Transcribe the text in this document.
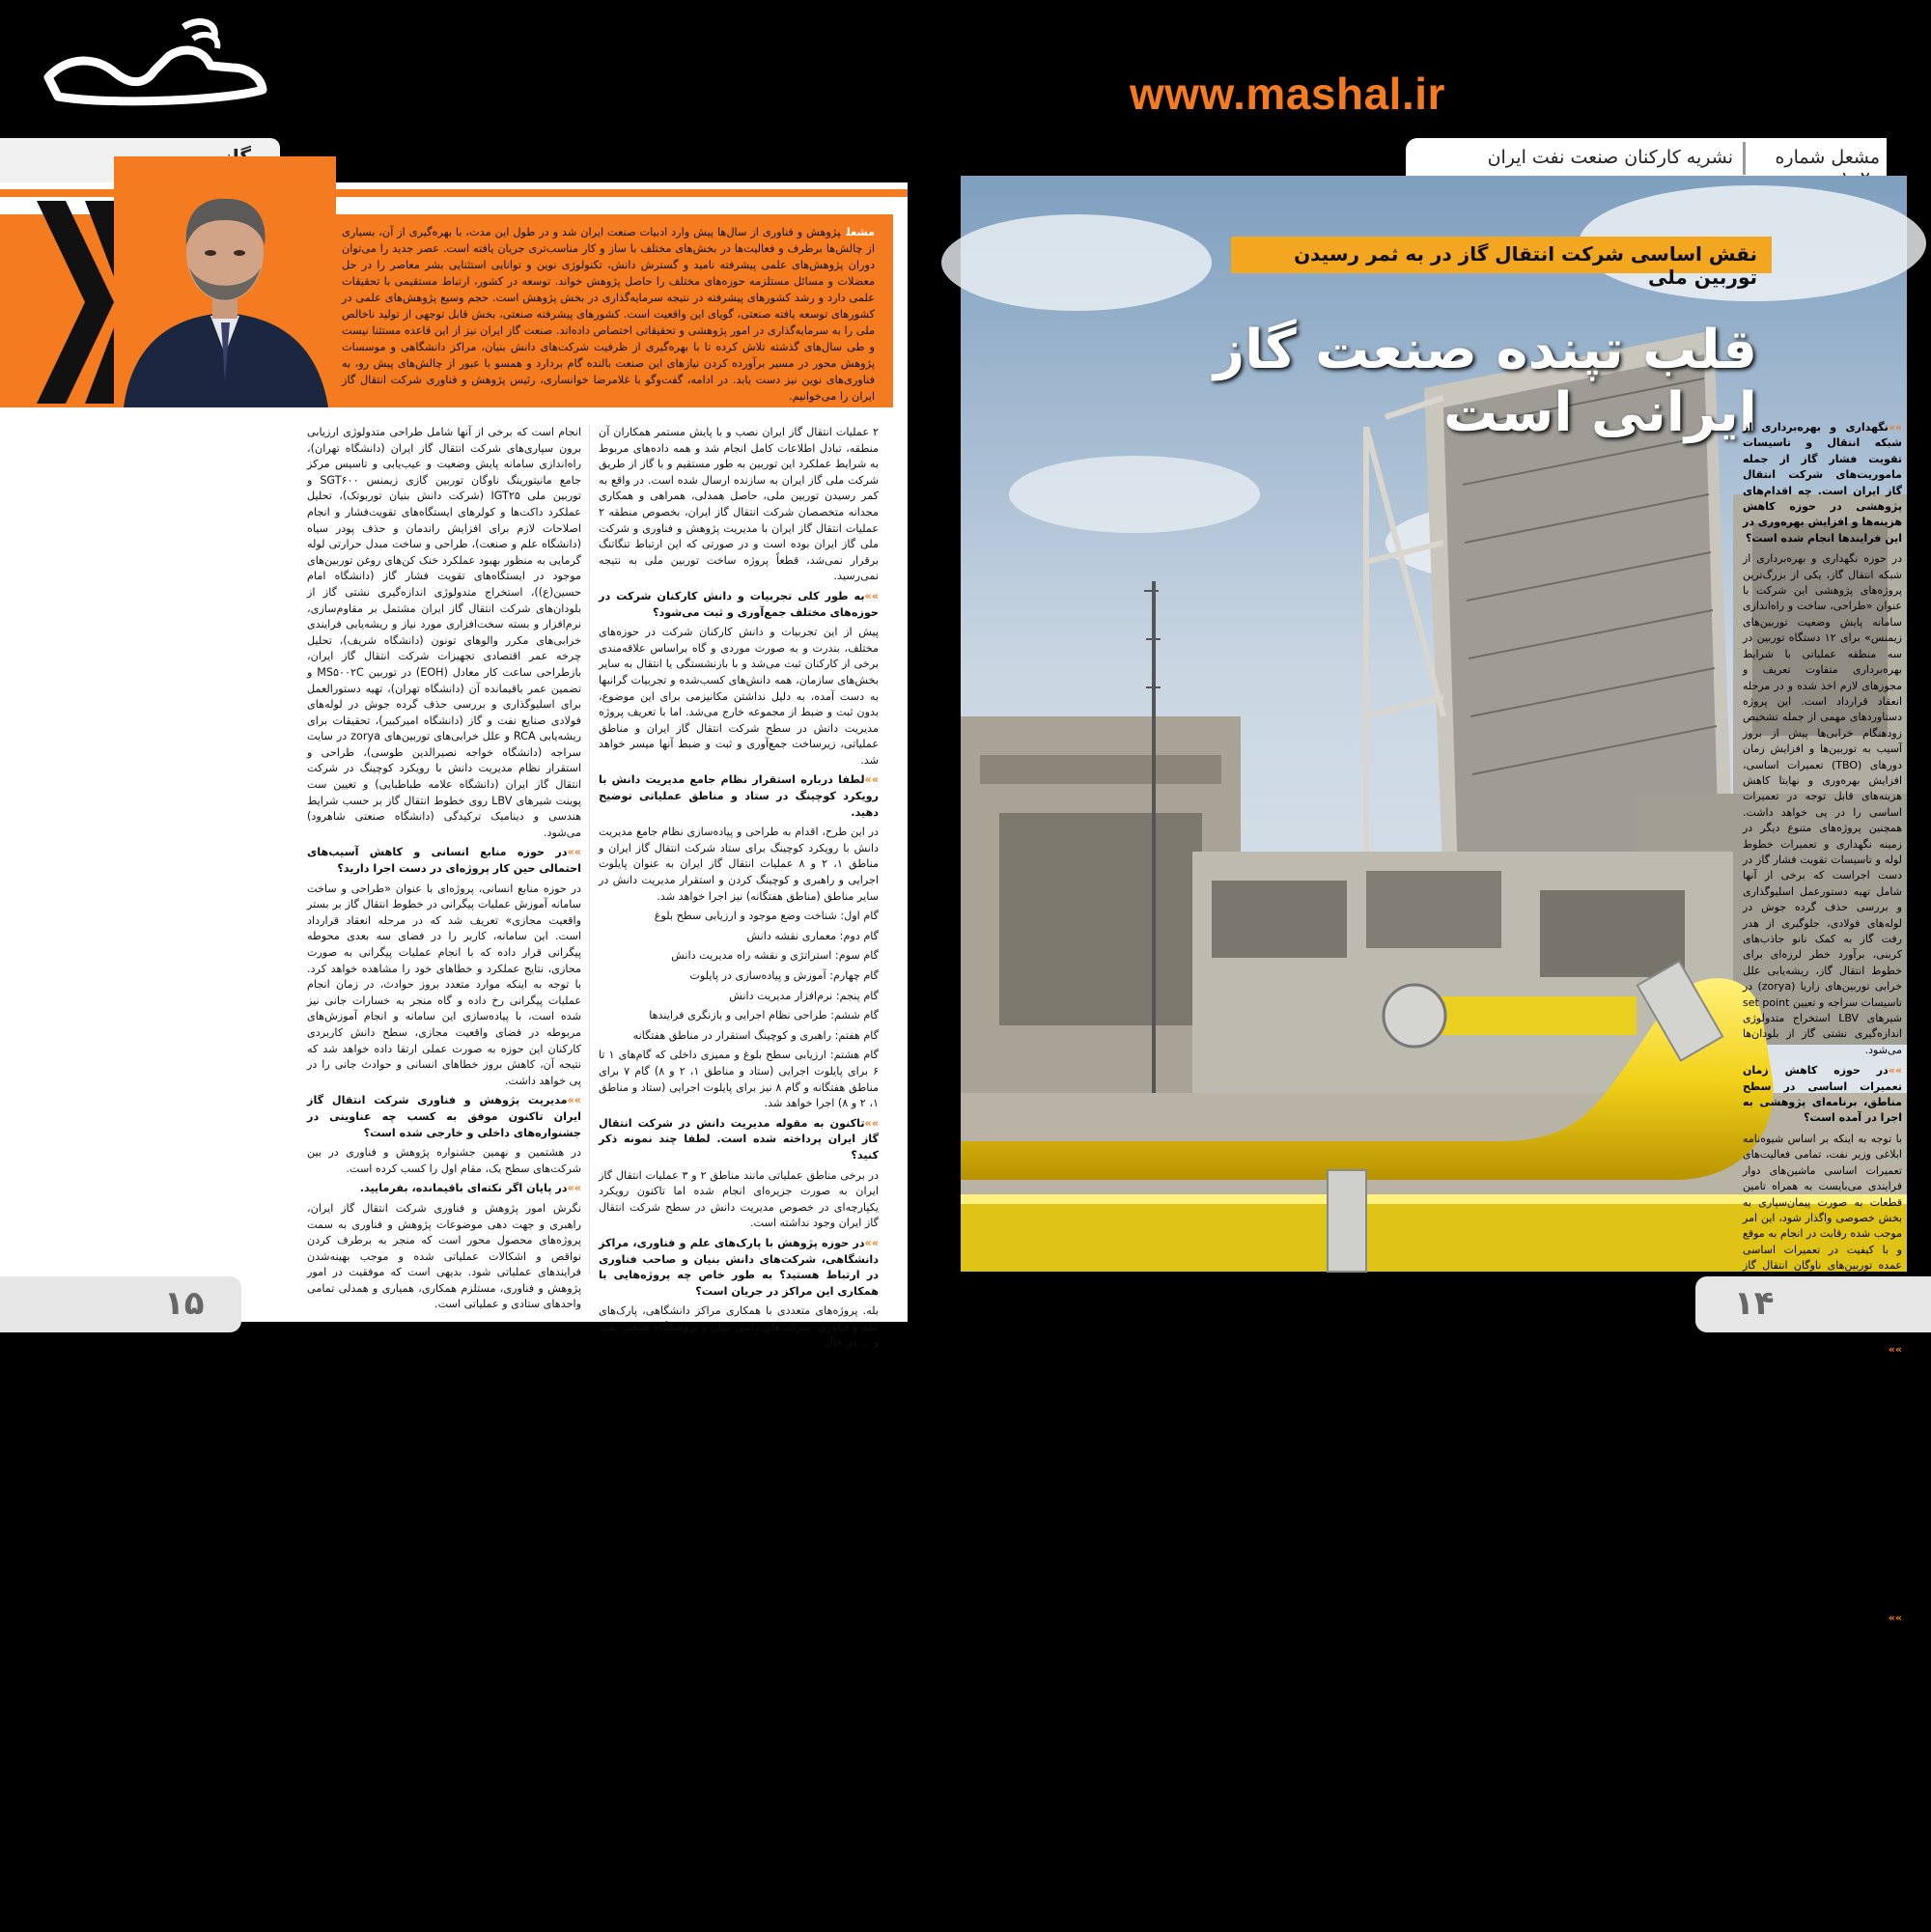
مشعلپژوهش و فناوری از سال‌ها پیش وارد ادبیات صنعت ایران شد و در طول این مدت، با بهره‌گیری از آن، بسیاری از چالش‌ها برطرف و فعالیت‌ها در بخش‌های مختلف با ساز و کار مناسب‌تری جریان یافته است. عصر جدید را می‌توان دوران پژوهش‌های علمی پیشرفته نامید و گسترش دانش، تکنولوژی نوین و توانایی استثنایی بشر معاصر را در حل معضلات و مسائل مستلزمه حوزه‌های مختلف را حاصل پژوهش خواند. توسعه در کشور، ارتباط مستقیمی با تحقیقات علمی دارد و رشد کشورهای پیشرفته در نتیجه سرمایه‌گذاری در بخش پژوهش است. حجم وسیع پژوهش‌های علمی در کشورهای توسعه یافته صنعتی، گویای این واقعیت است. کشورهای پیشرفته صنعتی، بخش قابل توجهی از تولید ناخالص ملی را به سرمایه‌گذاری در امور پژوهشی و تحقیقاتی اختصاص داده‌اند. صنعت گاز ایران نیز از این قاعده مستثنا نیست و طی سال‌های گذشته تلاش کرده تا با بهره‌گیری از ظرفیت شرکت‌های دانش بنیان، مراکز دانشگاهی و موسسات پژوهش محور در مسیر برآورده کردن نیازهای این صنعت بالنده گام بردارد و همسو با عبور از چالش‌های پیش رو، به فناوری‌های نوین نیز دست یابد. در ادامه، گفت‌وگو با غلامرضا خوانساری، رئیس پژوهش و فناوری شرکت انتقال گاز ایران را می‌خوانیم.

۲ عملیات انتقال گاز ایران نصب و با پایش مستمر همکاران آن منطقه، تبادل اطلاعات کامل انجام شد و همه داده‌های مربوط به شرایط عملکرد این توربین به طور مستقیم و با گاز از طریق شرکت ملی گاز ایران به سازنده ارسال شده است. در واقع به کمر رسیدن توربین ملی، حاصل همدلی، همراهی و همکاری مجدانه متخصصان شرکت انتقال گاز ایران، بخصوص منطقه ۲ عملیات انتقال گاز ایران با مدیریت پژوهش و فناوری و شرکت ملی گاز ایران بوده است و در صورتی که این ارتباط تنگاتنگ برقرار نمی‌شد، قطعاً پروژه ساخت توربین ملی به نتیجه نمی‌رسید.

»» به طور کلی تجربیات و دانش کارکنان شرکت در حوزه‌های مختلف جمع‌آوری و ثبت می‌شود؟

پیش از این تجربیات و دانش کارکنان شرکت در حوزه‌های مختلف، بندرت و به صورت موردی و گاه براساس علاقه‌مندی برخی از کارکنان ثبت می‌شد و با بازنشستگی یا انتقال به سایر بخش‌های سازمان، همه دانش‌های کسب‌شده و تجربیات گرانبها به دست آمده، به دلیل نداشتن مکانیزمی برای این موضوع، بدون ثبت و ضبط از مجموعه خارج می‌شد. اما با تعریف پروژه مدیریت دانش در سطح شرکت انتقال گاز ایران و مناطق عملیاتی، زیرساخت جمع‌آوری و ثبت و ضبط آنها میسر خواهد شد.

»» لطفا درباره استقرار نظام جامع مدیریت دانش با رویکرد کوچینگ در ستاد و مناطق عملیاتی توضیح دهید.

در این طرح، اقدام به طراحی و پیاده‌سازی نظام جامع مدیریت دانش با رویکرد کوچینگ برای ستاد شرکت انتقال گاز ایران و مناطق ۱، ۲ و ۸ عملیات انتقال گاز ایران به عنوان پایلوت اجرایی و راهبری و کوچینگ کردن و استقرار مدیریت دانش در سایر مناطق (مناطق هفتگانه) نیز اجرا خواهد شد.

گام اول: شناخت وضع موجود و ارزیابی سطح بلوغ

گام دوم: معماری نقشه دانش

گام سوم: استراتژی و نقشه راه مدیریت دانش

گام چهارم: آموزش و پیاده‌سازی در پایلوت

گام پنجم: نرم‌افزار مدیریت دانش

گام ششم: طراحی نظام اجرایی و بازنگری فرایندها

گام هفتم: راهبری و کوچینگ استقرار در مناطق هفتگانه

گام هشتم: ارزیابی سطح بلوغ و ممیزی داخلی که گام‌های ۱ تا ۶ برای پایلوت اجرایی (ستاد و مناطق ۱، ۲ و ۸) گام ۷ برای مناطق هفتگانه و گام ۸ نیز برای پایلوت اجرایی (ستاد و مناطق ۱، ۲ و ۸) اجرا خواهد شد.

»» تاکنون به مقوله مدیریت دانش در شرکت انتقال گاز ایران پرداخته شده است. لطفا چند نمونه ذکر کنید؟

در برخی مناطق عملیاتی مانند مناطق ۲ و ۳ عملیات انتقال گاز ایران به صورت جزیره‌ای انجام شده اما تاکنون رویکرد یکپارچه‌ای در خصوص مدیریت دانش در سطح شرکت انتقال گاز ایران وجود نداشته است.

»» در حوزه پژوهش با پارک‌های علم و فناوری، مراکز دانشگاهی، شرکت‌های دانش بنیان و صاحب فناوری در ارتباط هستید؟ به طور خاص چه پروژه‌هایی با همکاری این مراکز در جریان است؟

بله. پروژه‌های متعددی با همکاری مراکز دانشگاهی، پارک‌های علم و فناوری، شرکت‌های دانش بنیان و پژوهشگاه صنعت نفت و ... در حال

انجام است که برخی از آنها شامل طراحی متدولوژی ارزیابی برون سپاری‌های شرکت انتقال گاز ایران (دانشگاه تهران)، راه‌اندازی سامانه پایش وضعیت و عیب‌یابی و تاسیس مرکز جامع مانیتورینگ ناوگان توربین گازی زیمنس SGT۶۰۰ و توربین ملی IGT۲۵ (شرکت دانش بنیان توربوتک)، تحلیل عملکرد داکت‌ها و کولرهای ایستگاه‌های تقویت‌فشار و انجام اصلاحات لازم برای افزایش راندمان و حذف پودر سیاه (دانشگاه علم و صنعت)، طراحی و ساخت مبدل حرارتی لوله گرمایی به منظور بهبود عملکرد خنک کن‌های روغن توربین‌های موجود در ایستگاه‌های تقویت فشار گاز (دانشگاه امام حسین(ع))، استخراج متدولوژی اندازه‌گیری نشتی گاز از بلودان‌های شرکت انتقال گاز ایران مشتمل بر مقاوم‌سازی، نرم‌افزار و بسته سخت‌افزاری مورد نیاز و ریشه‌یابی فرایندی خرابی‌های مکرر والوهای تونون (دانشگاه شریف)، تحلیل چرخه عمر اقتصادی تجهیزات شرکت انتقال گاز ایران، بازطراحی ساعت کار معادل (EOH) در توربین MS۵۰۰۲C و تضمین عمر باقیمانده آن (دانشگاه تهران)، تهیه دستورالعمل برای اسلیوگذاری و بررسی حذف گرده جوش در لوله‌های فولادی صنایع نفت و گاز (دانشگاه امیرکبیر)، تحقیقات برای ریشه‌یابی RCA و علل خرابی‌های توربین‌های zorya در سایت سراجه (دانشگاه خواجه نصیرالدین طوسی)، طراحی و استقرار نظام مدیریت دانش با رویکرد کوچینگ در شرکت انتقال گاز ایران (دانشگاه علامه طباطبایی) و تعیین ست پوینت شیرهای LBV روی خطوط انتقال گاز بر حسب شرایط هندسی و دینامیک ترکیدگی (دانشگاه صنعتی شاهرود) می‌شود.

»» در حوزه منابع انسانی و کاهش آسیب‌های احتمالی حین کار پروژه‌ای در دست اجرا دارید؟

در حوزه منابع انسانی، پروژه‌ای با عنوان «طراحی و ساخت سامانه آموزش عملیات پیگرانی در خطوط انتقال گاز بر بستر واقعیت مجازی» تعریف شد که در مرحله انعقاد قرارداد است. این سامانه، کاربر را در فضای سه بعدی محوطه پیگرانی قرار داده که با انجام عملیات پیگرانی به صورت مجازی، نتایج عملکرد و خطاهای خود را مشاهده خواهد کرد. با توجه به اینکه موارد متعدد بروز حوادث، در زمان انجام عملیات پیگرانی رخ داده و گاه منجر به خسارات جانی نیز شده است، با پیاده‌سازی این سامانه و انجام آموزش‌های مربوطه در فضای واقعیت مجازی، سطح دانش کاربردی کارکنان این حوزه به صورت عملی ارتقا داده خواهد شد که نتیجه آن، کاهش بروز خطاهای انسانی و حوادث جانی را در پی خواهد داشت.

»» مدیریت پژوهش و فناوری شرکت انتقال گاز ایران تاکنون موفق به کسب چه عناوینی در جشنواره‌های داخلی و خارجی شده است؟

در هشتمین و نهمین جشنواره پژوهش و فناوری در بین شرکت‌های سطح یک، مقام اول را کسب کرده است.

»» در پایان اگر نکته‌ای باقیمانده، بفرمایید.

نگرش امور پژوهش و فناوری شرکت انتقال گاز ایران، راهبری و جهت دهی موضوعات پژوهش و فناوری به سمت پروژه‌های محصول محور است که منجر به برطرف کردن نواقص و اشکالات عملیاتی شده و موجب بهینه‌شدن فرایندهای عملیاتی شود. بدیهی است که موفقیت در امور پژوهش و فناوری، مستلزم همکاری، همیاری و همدلی تمامی واحدهای ستادی و عملیاتی است.

۱۵
www.mashal.ir
نشریه کارکنان صنعت نفت ایران	مشعل شماره
نقش اساسی شرکت انتقال گاز در به ثمر رسیدن توربین ملی
قلب تپنده صنعت گاز ایرانی است

»» نگهداری و بهره‌برداری از شبکه انتقال و تاسیسات تقویت فشار گاز از جمله ماموریت‌های شرکت انتقال گاز ایران است. چه اقدام‌های پژوهشی در حوزه کاهش هزینه‌ها و افزایش بهره‌وری در این فرایندها انجام شده است؟

در حوزه نگهداری و بهره‌برداری از شبکه انتقال گاز، یکی از بزرگ‌ترین پروژه‌های پژوهشی این شرکت با عنوان «طراحی، ساخت و راه‌اندازی سامانه پایش وضعیت توربین‌های زیمنس» برای ۱۲ دستگاه توربین در سه منطقه عملیاتی با شرایط بهره‌برداری متفاوت تعریف و مجوزهای لازم اخذ شده و در مرحله انعقاد قرارداد است. این پروژه دستاوردهای مهمی از جمله تشخیص زودهنگام خرابی‌ها پیش از بروز آسیب به توربین‌ها و افزایش زمان دورهای (TBO) تعمیرات اساسی، افزایش بهره‌وری و نهایتا کاهش هزینه‌های قابل توجه در تعمیرات اساسی را در پی خواهد داشت. همچنین پروژه‌های متنوع دیگر در زمینه نگهداری و تعمیرات خطوط لوله و تاسیسات تقویت فشار گاز در دست اجراست که برخی از آنها شامل تهیه دستورعمل اسلیوگذاری و بررسی حذف گرده جوش در لوله‌های فولادی، جلوگیری از هدر رفت گاز به کمک نانو جاذب‌های کربنی، برآورد خطر لرزه‌ای برای خطوط انتقال گاز، ریشه‌یابی علل خرابی توربین‌های زاریا (zorya) در تاسیسات سراجه و تعیین set point شیرهای LBV استخراج متدولوژی اندازه‌گیری نشتی گاز از بلودان‌ها می‌شود.

»» در حوزه کاهش زمان تعمیرات اساسی در سطح مناطق، برنامه‌ای پژوهشی به اجرا در آمده است؟

با توجه به اینکه بر اساس شیوه‌نامه ابلاغی وزیر نفت، تمامی فعالیت‌های تعمیرات اساسی ماشین‌های دوار فرایندی می‌بایست به همراه تامین قطعات به صورت پیمان‌سپاری به بخش خصوصی واگذار شود، این امر موجب شده رقابت در انجام به موقع و با کیفیت در تعمیرات اساسی عمده توربین‌های ناوگان انتقال گاز

»» در حال حاضر پروژه فعالی با همکاری پژوهشگاه صنعت نفت دارید؟

بله. پروژه «جلوگیری از هدر رفت گاز به کمک نانو جاذب‌های کربنی» به منظور ذخیره‌سازی گازهایی که در زمان تخلیه برنامه‌ای تاسیسات تقویت فشار گاز به اتمسفر رها می‌شود، کاربرد دارد و تاکنون حدود ۷۰ درصد پیشرفت داشته است.

همچنین در خصوص پروژه ساخت گازیاب‌های لیزری برای تشخیص و پیشگیری از حوادث ناشی از تشکیل ابرمتان در تاسیسات سراجه، در حال مذاکره با پژوهشگاه صنعت نفت هستیم.

»» توربین ملی از جمله افتخارات صنعت گاز به شمار می‌آید. تحلیل‌ها و گزارش‌های خود برای افزایش بهره‌وری و توسعه دانش این تجهیز راهبردی را با مدیریت پژوهش و شرکت سازنده در میان می‌گذارید؟

پروژه توربین ملی در مدیریت پژوهش و فناوری شرکت ملی گاز ایران تعریف شد و مدیرعامل وقت و معاونت مهندسی در ایستگاه‌ها از اعضای شورای راهبری توربین ملی بوده و ارتباط بسیار تنگاتنگی بین شرکت انتقال گاز ایران و شرکت ملی گاز ایران برای به ثمر رساندن این پروژه عظیم وجود داشته و تاکنون نیز ادامه دارد. اولین توربین ملی IGT۲۵ در تاسیسات تقویت فشار گاز دهق، واقع در منطقه

۱۴
